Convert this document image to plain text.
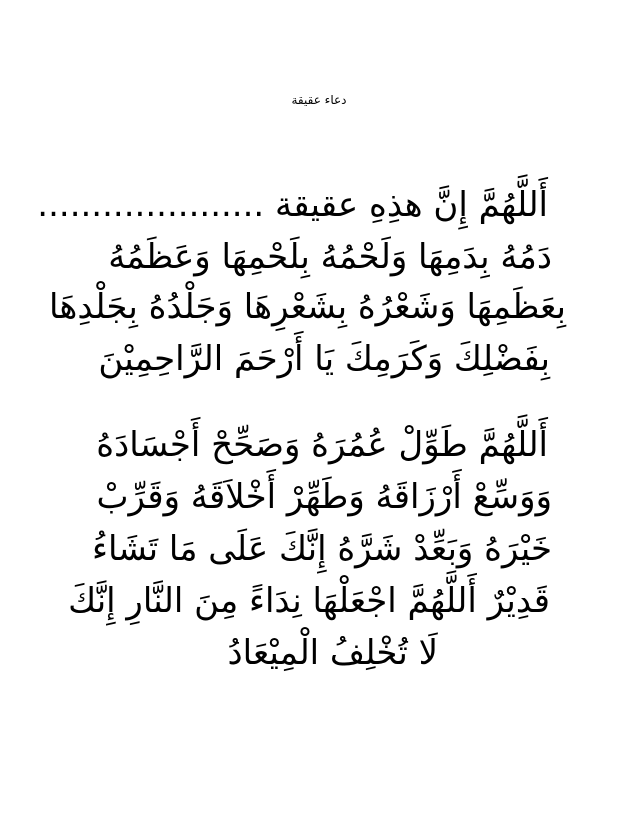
دعاء عقيقة
أَللَّهُمَّ إِنَّ هذِهِ عقيقة .....................
دَمُهُ بِدَمِهَا وَلَحْمُهُ بِلَحْمِهَا وَعَظَمُهُ
بِعَظَمِهَا وَشَعْرُهُ بِشَعْرِهَا وَجَلْدُهُ بِجَلْدِهَا
بِفَضْلِكَ وَكَرَمِكَ يَا أَرْحَمَ الرَّاحِمِيْنَ
أَللَّهُمَّ طَوِّلْ عُمُرَهُ وَصَحِّحْ أَجْسَادَهُ
وَوَسِّعْ أَرْزَاقَهُ وَطَهِّرْ أَخْلاَقَهُ وَقَرِّبْ
خَيْرَهُ وَبَعِّدْ شَرَّهُ إِنَّكَ عَلَى مَا تَشَاءُ
قَدِيْرٌ أَللَّهُمَّ اجْعَلْهَا نِدَاءً مِنَ النَّارِ إِنَّكَ
لَا تُخْلِفُ الْمِيْعَادُ
